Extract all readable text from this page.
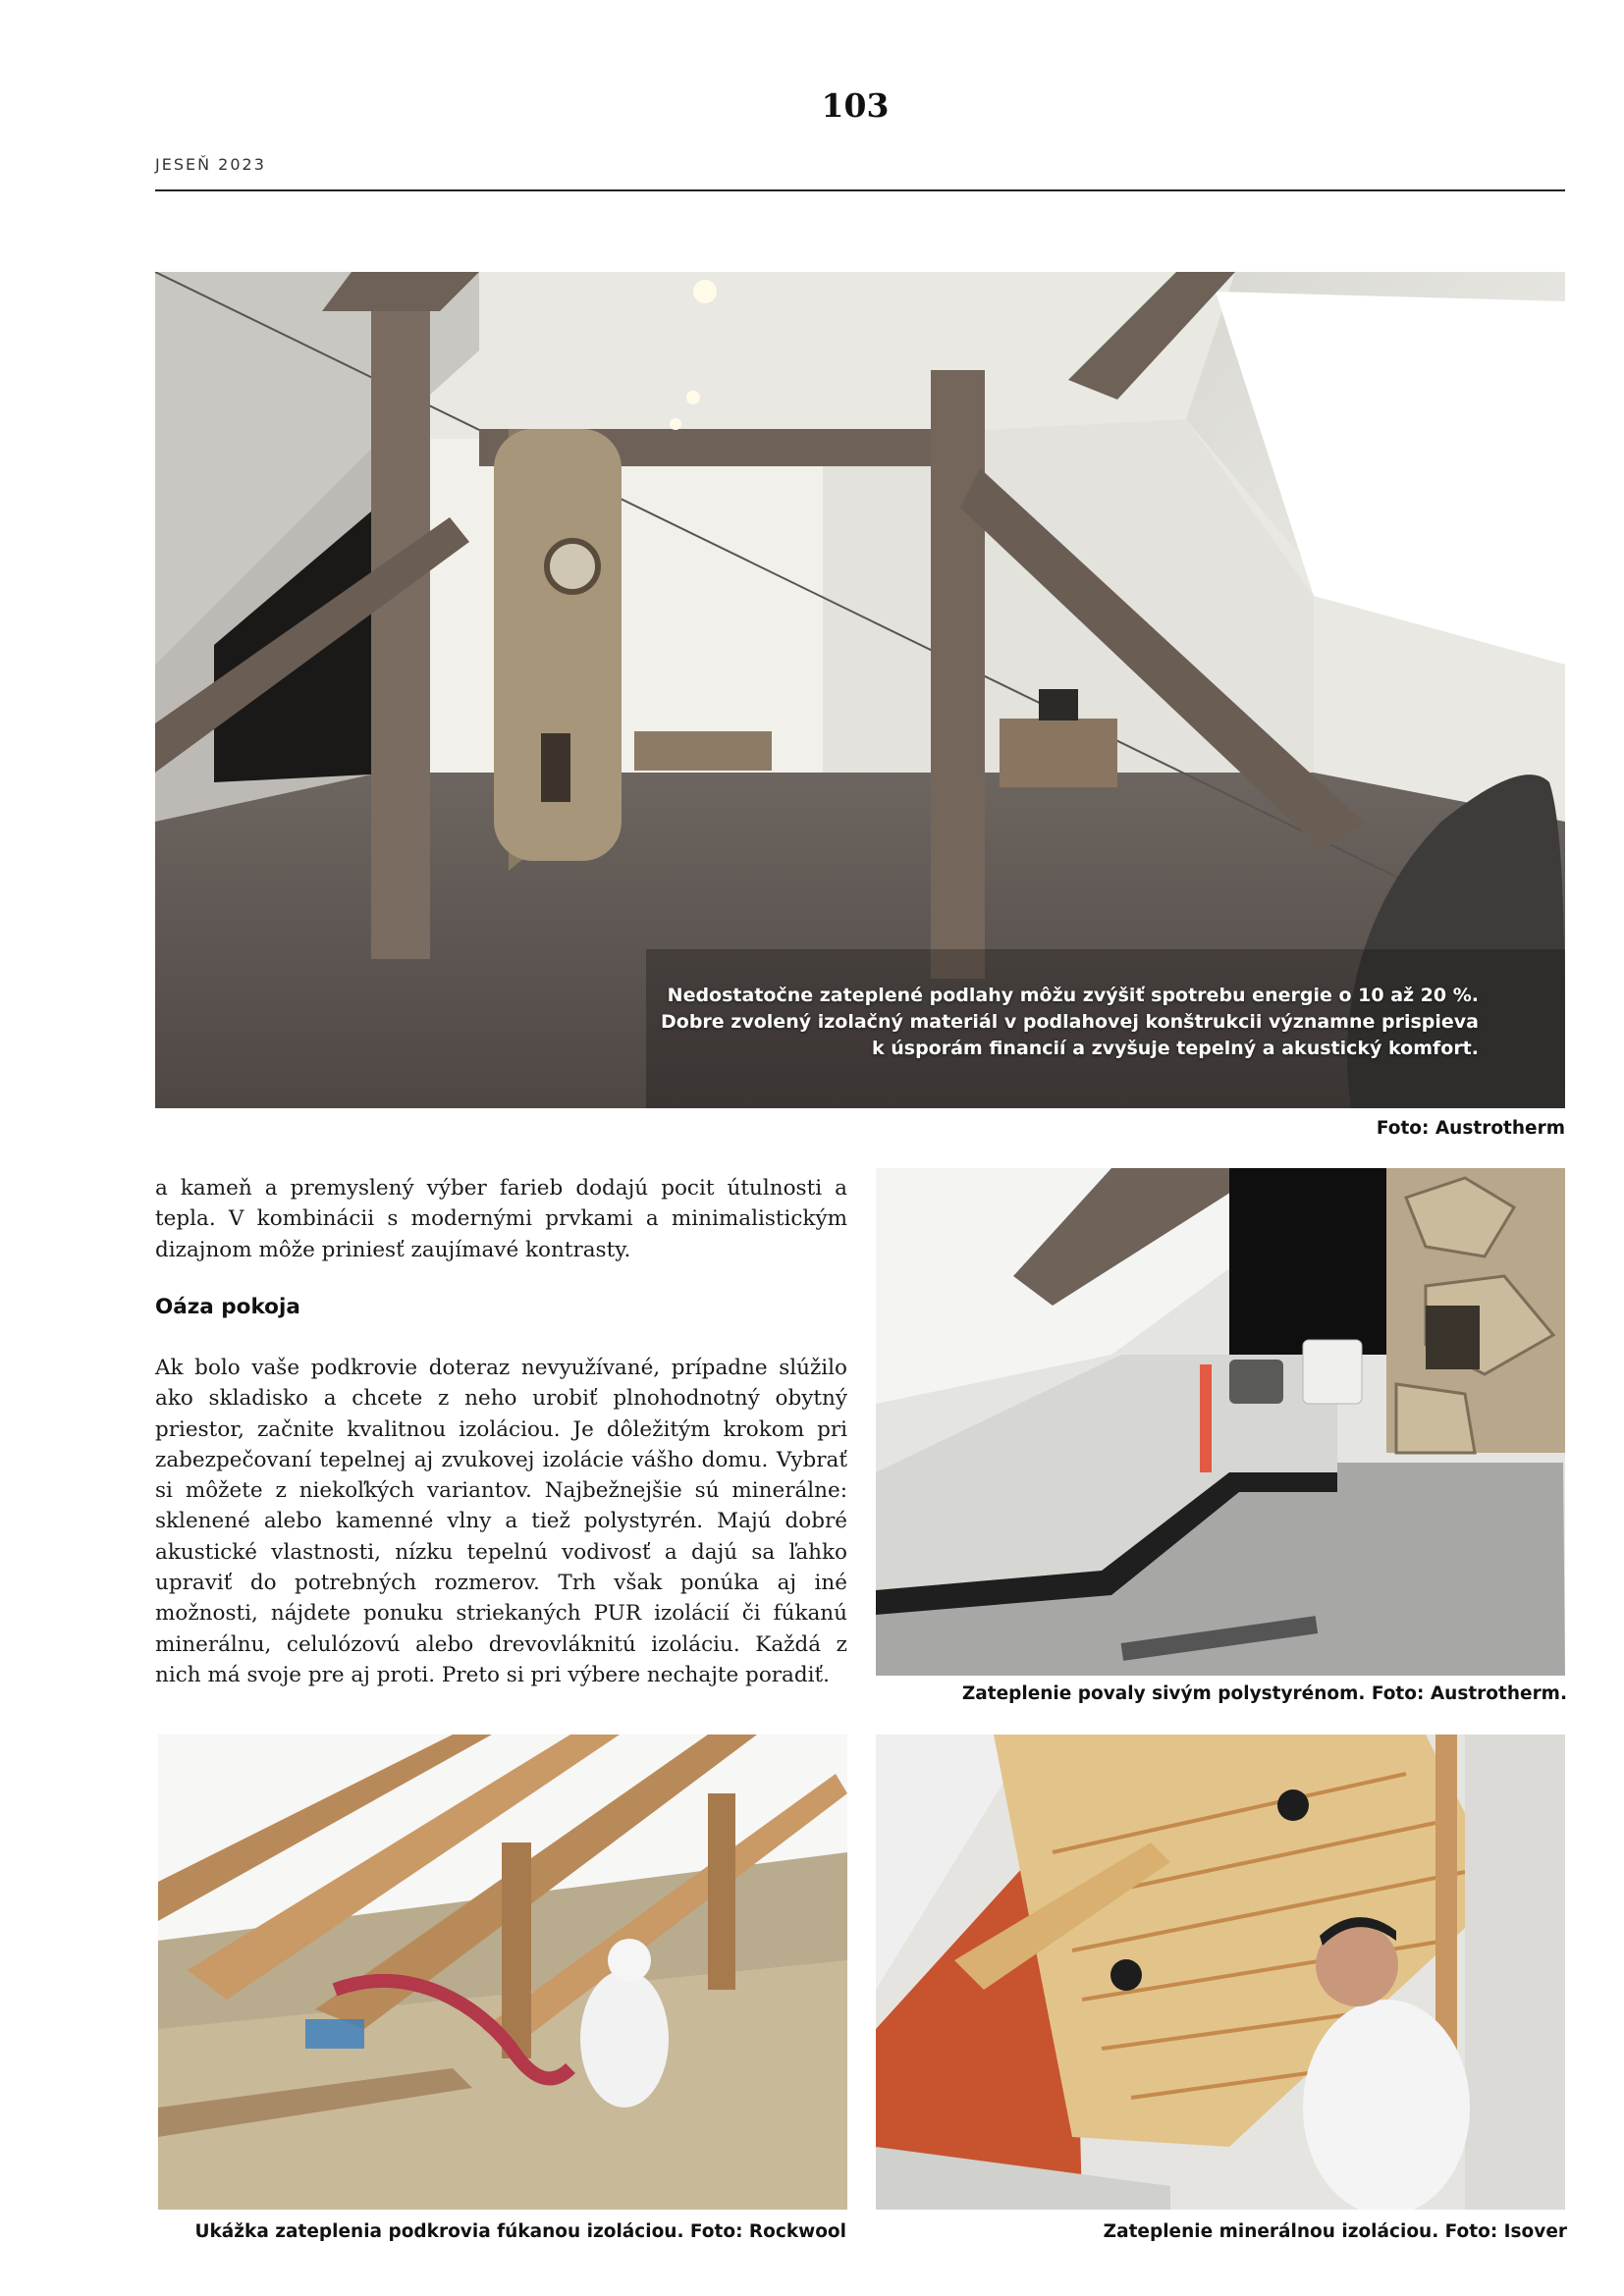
103
JESEŇ 2023
Nedostatočne zateplené podlahy môžu zvýšiť spotrebu energie o 10 až 20 %.
Dobre zvolený izolačný materiál v podlahovej konštrukcii významne prispieva
k úsporám financií a zvyšuje tepelný a akustický komfort.
Foto: Austrotherm

a kameň a premyslený výber farieb dodajú pocit útulnosti a tepla. V kombinácii s modernými prvkami a minimalistickým dizajnom môže priniesť zaujímavé kontrasty.

Oáza pokoja

Ak bolo vaše podkrovie doteraz nevyužívané, prípadne slúžilo ako skladisko a chcete z neho urobiť plnohodnotný obytný priestor, začnite kvalitnou izoláciou. Je dôležitým krokom pri zabezpečovaní tepelnej aj zvukovej izolácie vášho domu. Vybrať si môžete z niekoľkých variantov. Najbežnejšie sú minerálne: sklenené alebo kamenné vlny a tiež polystyrén. Majú dobré akustické vlastnosti, nízku tepelnú vodivosť a dajú sa ľahko upraviť do potrebných rozmerov. Trh však ponúka aj iné možnosti, nájdete ponuku striekaných PUR izolácií či fúkanú minerálnu, celulózovú alebo drevovláknitú izoláciu. Každá z nich má svoje pre aj proti. Preto si pri výbere nechajte poradiť.

Zateplenie povaly sivým polystyrénom. Foto: Austrotherm.
Ukážka zateplenia podkrovia fúkanou izoláciou. Foto: Rockwool	Zateplenie minerálnou izoláciou. Foto: Isover
